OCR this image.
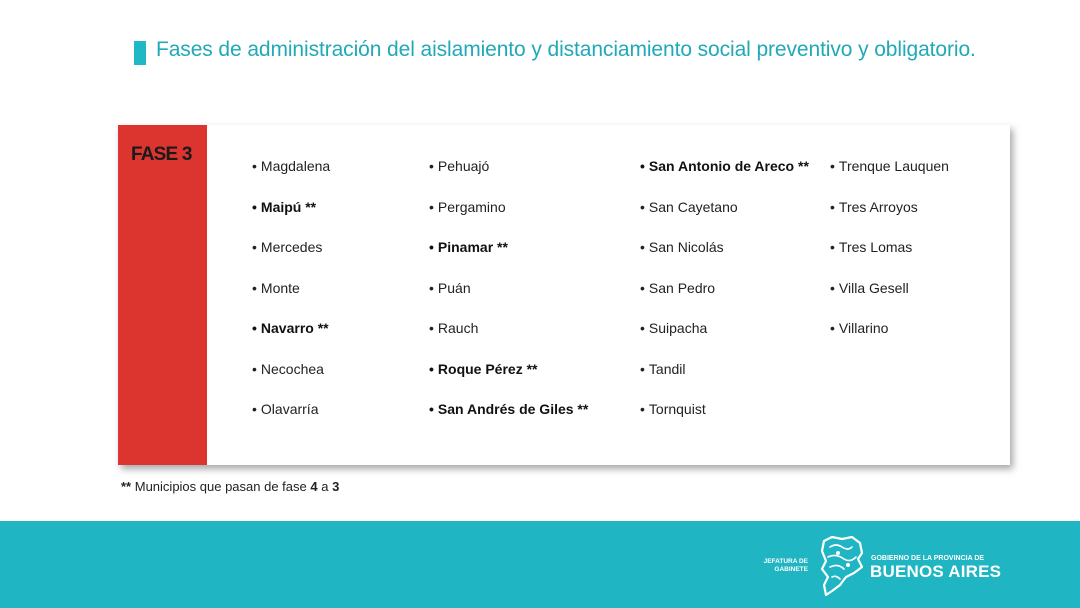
Fases de administración del aislamiento y distanciamiento social preventivo y obligatorio.
FASE 3
• Magdalena
• Maipú **
• Mercedes
• Monte
• Navarro **
• Necochea
• Olavarría
• Pehuajó
• Pergamino
• Pinamar **
• Puán
• Rauch
• Roque Pérez **
• San Andrés de Giles **
• San Antonio de Areco **
• San Cayetano
• San Nicolás
• San Pedro
• Suipacha
• Tandil
• Tornquist
• Trenque Lauquen
• Tres Arroyos
• Tres Lomas
• Villa Gesell
• Villarino
** Municipios que pasan de fase 4 a 3
JEFATURA DE GABINETE
GOBIERNO DE LA PROVINCIA DE
BUENOS AIRES
